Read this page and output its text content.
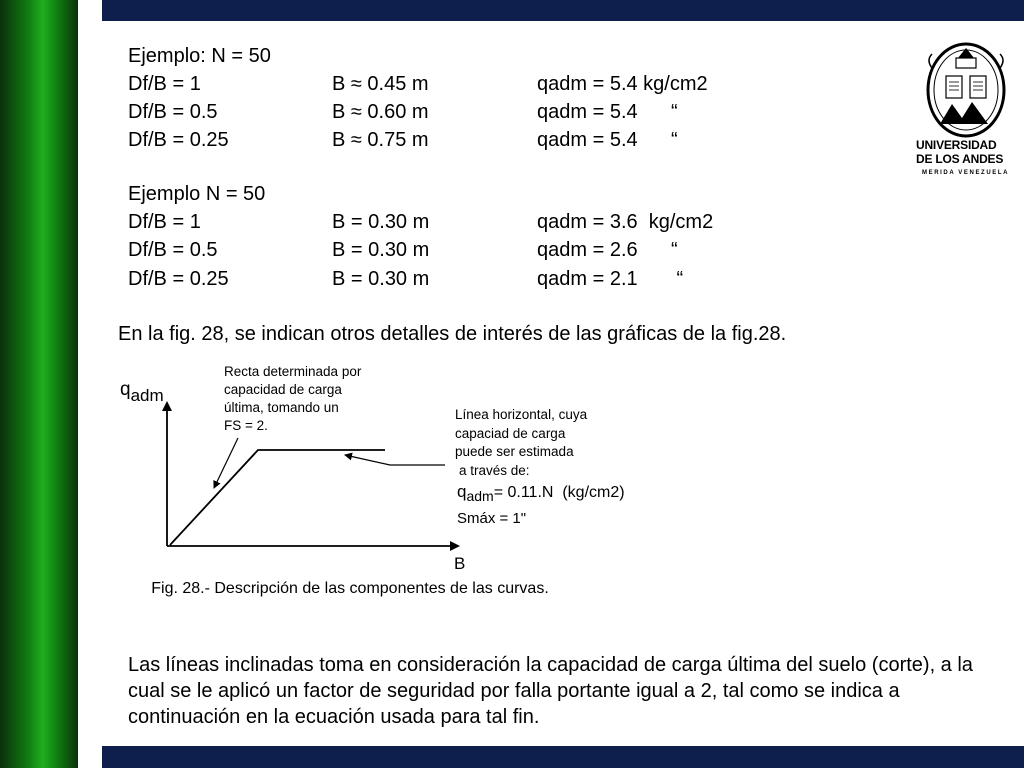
Ejemplo: N = 50
Df/B = 1	B ≈ 0.45 m	qadm = 5.4 kg/cm2
Df/B = 0.5	B ≈ 0.60 m	qadm = 5.4      “
Df/B = 0.25	B ≈ 0.75 m	qadm = 5.4      “
Ejemplo N = 50
Df/B = 1	B = 0.30 m	qadm = 3.6  kg/cm2
Df/B = 0.5	B = 0.30 m	qadm = 2.6      “
Df/B = 0.25	B = 0.30 m	qadm = 2.1       “
En la fig. 28, se indican otros detalles de interés de las gráficas de la fig.28.
qadm
B
Recta determinada por
capacidad de carga
última, tomando un
FS = 2.
Línea horizontal, cuya
capaciad de carga
puede ser estimada
a través de:
$q_{adm}= 0.11.N$  (kg/cm2)
Smáx = 1"
Fig. 28.- Descripción de las componentes de las curvas.
Las líneas inclinadas toma en consideración la capacidad de carga última del suelo (corte), a la cual se le aplicó un factor de seguridad por falla portante igual a 2, tal como se indica a continuación en la ecuación usada para tal fin.
UNIVERSIDAD
DE LOS ANDES
MERIDA VENEZUELA
